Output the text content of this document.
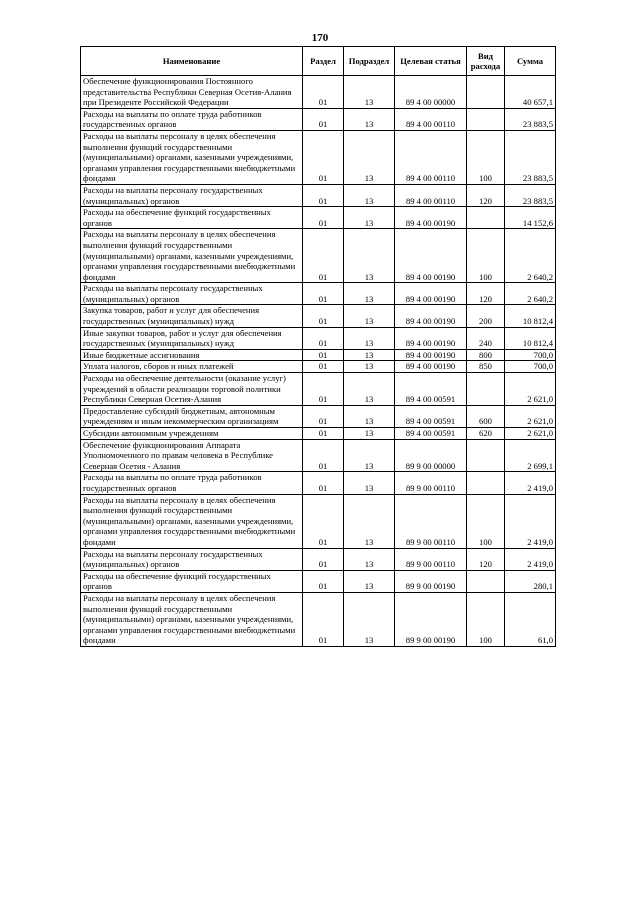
170
Наименование	Раздел	Подраздел	Целевая статья	Вид расхода	Сумма
Обеспечение функционирования Постоянного представительства Республики Северная Осетия-Алания при Президенте Российской Федерации	01	13	89 4 00 00000		40 657,1
Расходы на выплаты по оплате труда работников государственных органов	01	13	89 4 00 00110		23 883,5
Расходы на выплаты персоналу в целях обеспечения выполнения функций государственными (муниципальными) органами, казенными учреждениями, органами управления государственными внебюджетными фондами	01	13	89 4 00 00110	100	23 883,5
Расходы на выплаты персоналу государственных (муниципальных) органов	01	13	89 4 00 00110	120	23 883,5
Расходы на обеспечение функций государственных органов	01	13	89 4 00 00190		14 152,6
Расходы на выплаты персоналу в целях обеспечения выполнения функций государственными (муниципальными) органами, казенными учреждениями, органами управления государственными внебюджетными фондами	01	13	89 4 00 00190	100	2 640,2
Расходы на выплаты персоналу государственных (муниципальных) органов	01	13	89 4 00 00190	120	2 640,2
Закупка товаров, работ и услуг для обеспечения государственных (муниципальных) нужд	01	13	89 4 00 00190	200	10 812,4
Иные закупки товаров, работ и услуг для обеспечения государственных (муниципальных) нужд	01	13	89 4 00 00190	240	10 812,4
Иные бюджетные ассигнования	01	13	89 4 00 00190	800	700,0
Уплата налогов, сборов и иных платежей	01	13	89 4 00 00190	850	700,0
Расходы на обеспечение деятельности (оказание услуг) учреждений в области реализации торговой политики Республики Северная Осетия-Алания	01	13	89 4 00 00591		2 621,0
Предоставление субсидий бюджетным, автономным учреждениям и иным некоммерческим организациям	01	13	89 4 00 00591	600	2 621,0
Субсидии автономным учреждениям	01	13	89 4 00 00591	620	2 621,0
Обеспечение функционирования Аппарата Уполномоченного по правам человека в Республике Северная Осетия - Алания	01	13	89 9 00 00000		2 699,1
Расходы на выплаты по оплате труда работников государственных органов	01	13	89 9 00 00110		2 419,0
Расходы на выплаты персоналу в целях обеспечения выполнения функций государственными (муниципальными) органами, казенными учреждениями, органами управления государственными внебюджетными фондами	01	13	89 9 00 00110	100	2 419,0
Расходы на выплаты персоналу государственных (муниципальных) органов	01	13	89 9 00 00110	120	2 419,0
Расходы на обеспечение функций государственных органов	01	13	89 9 00 00190		280,1
Расходы на выплаты персоналу в целях обеспечения выполнения функций государственными (муниципальными) органами, казенными учреждениями, органами управления государственными внебюджетными фондами	01	13	89 9 00 00190	100	61,0
